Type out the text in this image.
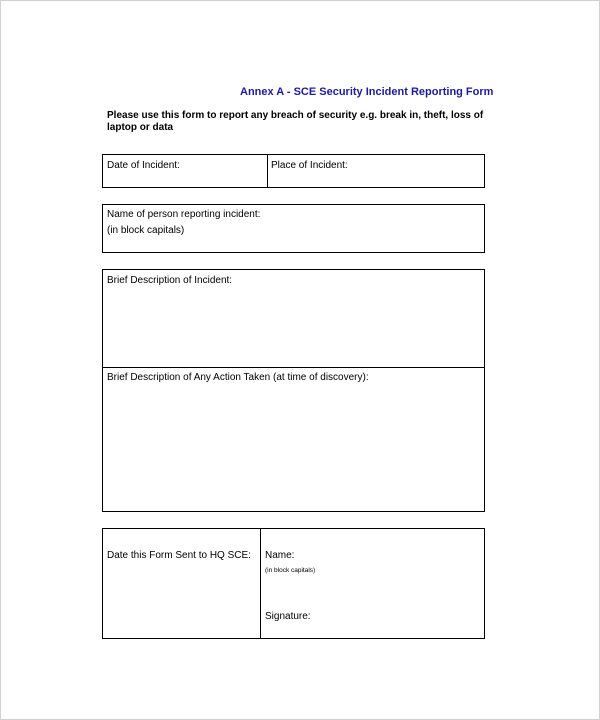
Annex A - SCE Security Incident Reporting Form
Please use this form to report any breach of security e.g. break in, theft, loss of
laptop or data
Date of Incident:	Place of Incident:
Name of person reporting incident:
(in block capitals)
Brief Description of Incident:
Brief Description of Any Action Taken (at time of discovery):
Date this Form Sent to HQ SCE: Name:
(in block capitals)
Signature:
